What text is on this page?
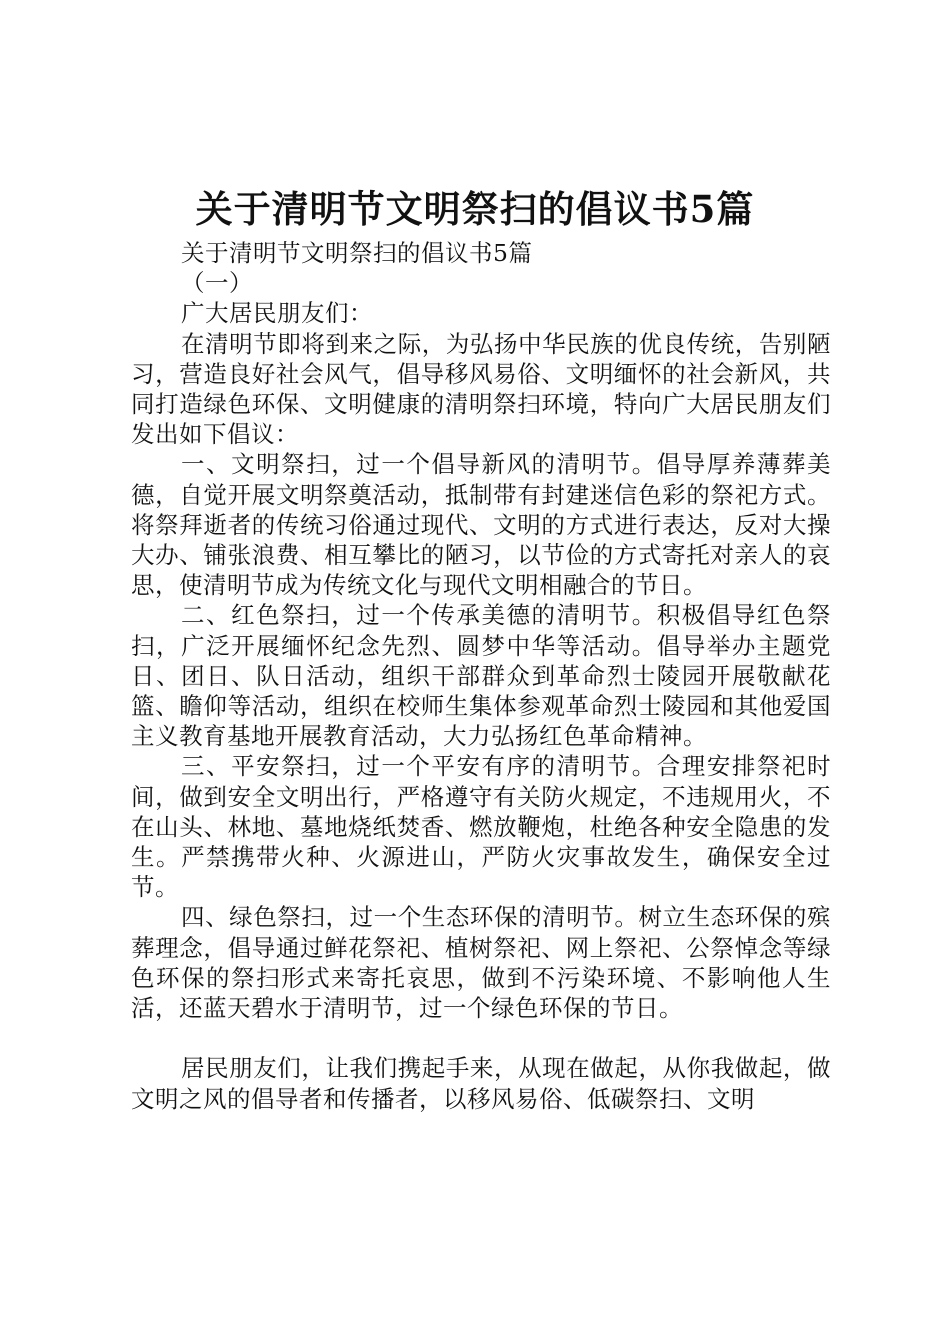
关于清明节文明祭扫的倡议书5篇

关于清明节文明祭扫的倡议书5篇

（一）

广大居民朋友们：

在清明节即将到来之际，为弘扬中华民族的优良传统，告别陋习，营造良好社会风气，倡导移风易俗、文明缅怀的社会新风，共同打造绿色环保、文明健康的清明祭扫环境，特向广大居民朋友们发出如下倡议：

一、文明祭扫，过一个倡导新风的清明节。倡导厚养薄葬美德，自觉开展文明祭奠活动，抵制带有封建迷信色彩的祭祀方式。将祭拜逝者的传统习俗通过现代、文明的方式进行表达，反对大操大办、铺张浪费、相互攀比的陋习，以节俭的方式寄托对亲人的哀思，使清明节成为传统文化与现代文明相融合的节日。

二、红色祭扫，过一个传承美德的清明节。积极倡导红色祭扫，广泛开展缅怀纪念先烈、圆梦中华等活动。倡导举办主题党日、团日、队日活动，组织干部群众到革命烈士陵园开展敬献花篮、瞻仰等活动，组织在校师生集体参观革命烈士陵园和其他爱国主义教育基地开展教育活动，大力弘扬红色革命精神。

三、平安祭扫，过一个平安有序的清明节。合理安排祭祀时间，做到安全文明出行，严格遵守有关防火规定，不违规用火，不在山头、林地、墓地烧纸焚香、燃放鞭炮，杜绝各种安全隐患的发生。严禁携带火种、火源进山，严防火灾事故发生，确保安全过节。

四、绿色祭扫，过一个生态环保的清明节。树立生态环保的殡葬理念，倡导通过鲜花祭祀、植树祭祀、网上祭祀、公祭悼念等绿色环保的祭扫形式来寄托哀思，做到不污染环境、不影响他人生活，还蓝天碧水于清明节，过一个绿色环保的节日。

居民朋友们，让我们携起手来，从现在做起，从你我做起，做文明之风的倡导者和传播者，以移风易俗、低碳祭扫、文明
